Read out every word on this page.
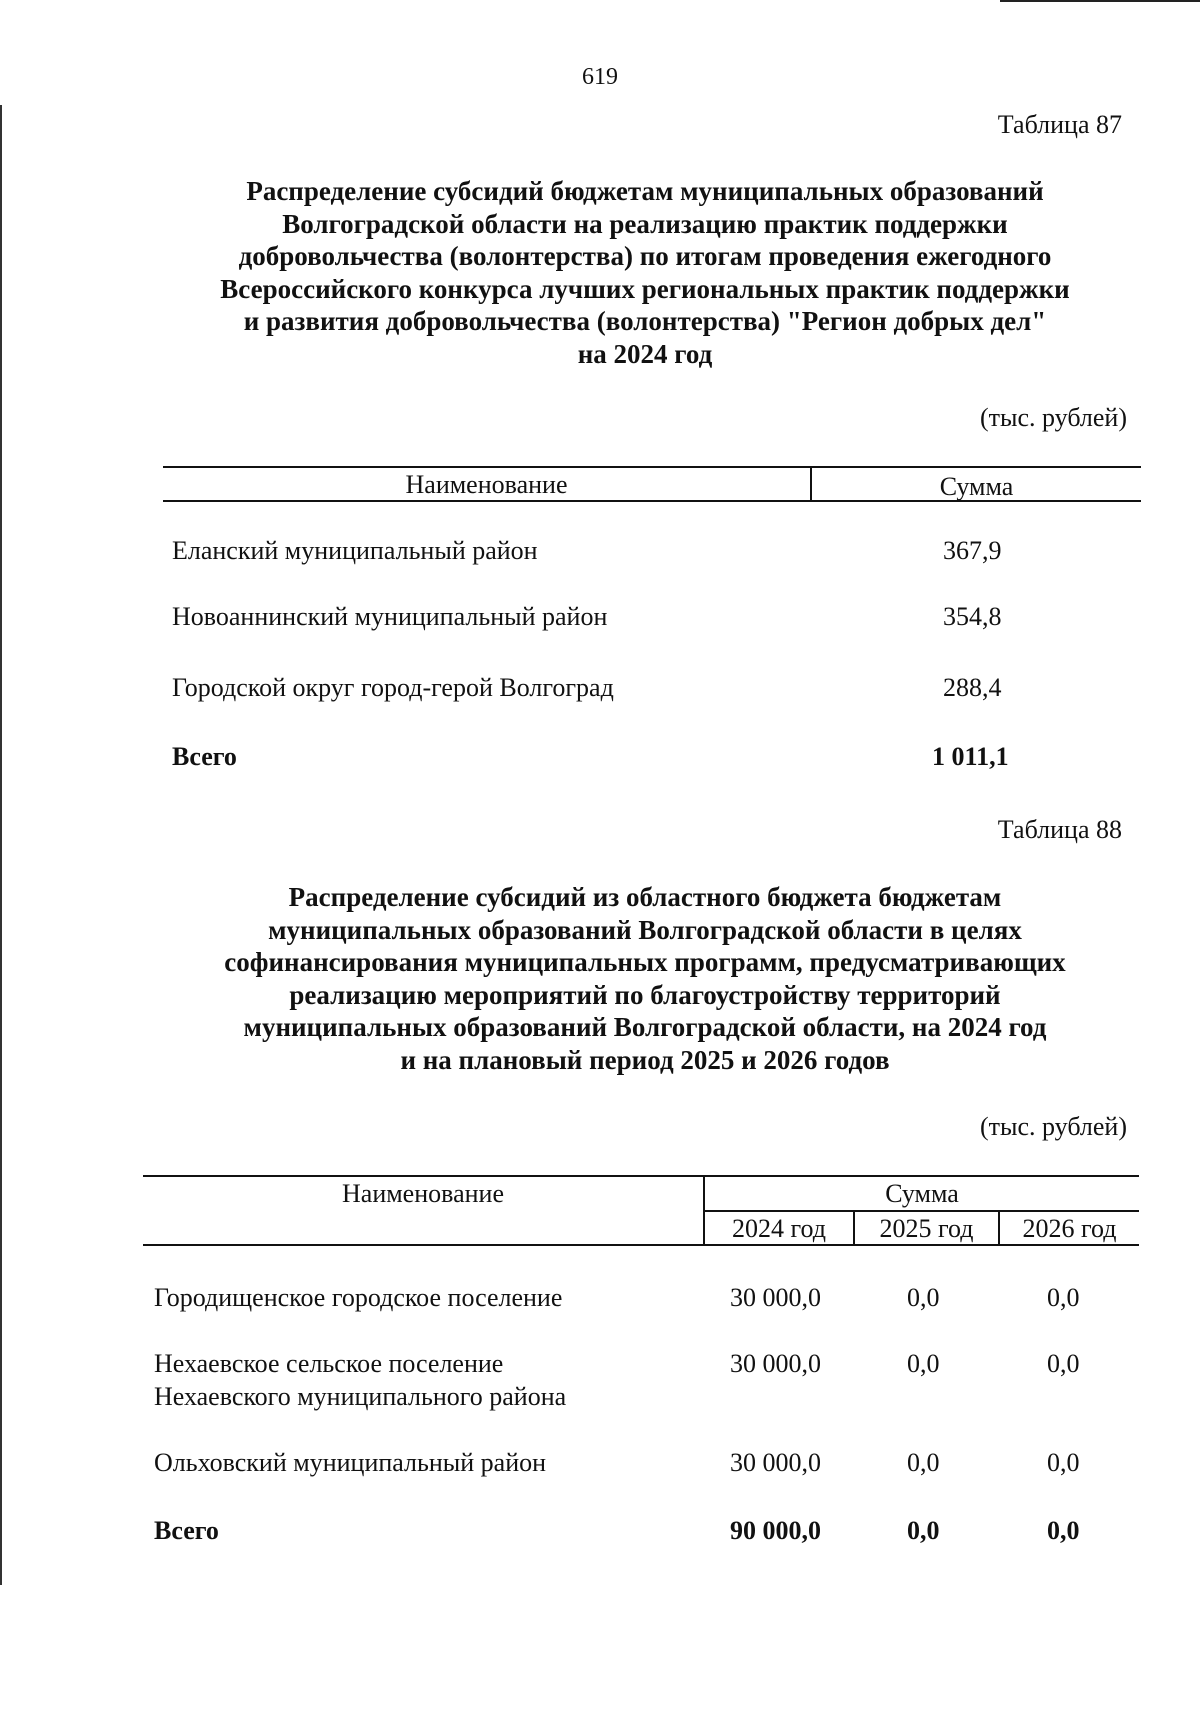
619
Таблица 87
Распределение субсидий бюджетам муниципальных образований
Волгоградской области на реализацию практик поддержки
добровольчества (волонтерства) по итогам проведения ежегодного
Всероссийского конкурса лучших региональных практик поддержки
и развития добровольчества (волонтерства) "Регион добрых дел"
на 2024 год
(тыс. рублей)
Наименование	Сумма
Еланский муниципальный район	367,9
Новоаннинский муниципальный район	354,8
Городской округ город-герой Волгоград	288,4
Всего	1 011,1
Таблица 88
Распределение субсидий из областного бюджета бюджетам
муниципальных образований Волгоградской области в целях
софинансирования муниципальных программ, предусматривающих
реализацию мероприятий по благоустройству территорий
муниципальных образований Волгоградской области, на 2024 год
и на плановый период 2025 и 2026 годов
(тыс. рублей)
Наименование	Сумма
2024 год	2025 год	2026 год
Городищенское городское поселение	30 000,0	0,0	0,0
Нехаевское сельское поселение
Нехаевского муниципального района
30 000,0	0,0	0,0
Ольховский муниципальный район	30 000,0	0,0	0,0
Всего	90 000,0	0,0	0,0
